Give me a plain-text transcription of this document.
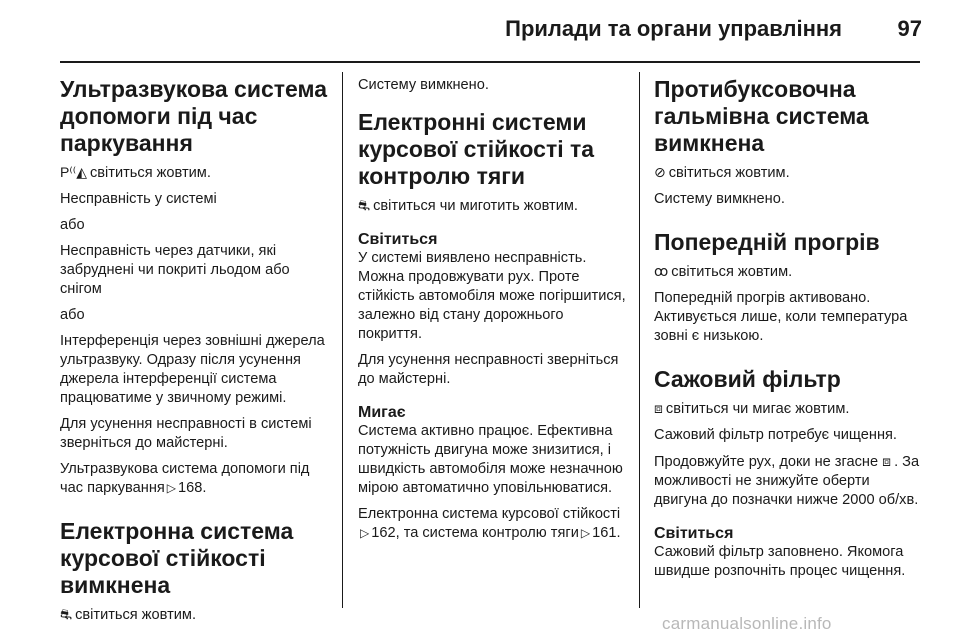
Прилади та органи управління	97
Ультразвукова система допомоги під час паркування

P⁽⁽◭ світиться жовтим.

Несправність у системі

або

Несправність через датчики, які забруднені чи покриті льодом або снігом

або

Інтерференція через зовнішні джерела ультразвуку. Одразу після усунення джерела інтерференції система працюватиме у звичному режимі.

Для усунення несправності в системі зверніться до майстерні.

Ультразвукова система допомоги під час паркування ▷ 168.

Електронна система курсової стійкості вимкнена

⛐ світиться жовтим.

Систему вимкнено.

Електронні системи курсової стійкості та контролю тяги

⛐ світиться чи миготить жовтим.

Світиться

У системі виявлено несправність. Можна продовжувати рух. Проте стійкість автомобіля може погіршитися, залежно від стану дорожнього покриття.

Для усунення несправності зверніться до майстерні.

Мигає

Система активно працює. Ефективна потужність двигуна може знизитися, і швидкість автомобіля може незначною мірою автоматично уповільнюватися.

Електронна система курсової стійкості▷ 162, та система контролю тяги ▷ 161.

Протибуксовочна гальмівна система вимкнена

⊘ світиться жовтим.

Систему вимкнено.

Попередній прогрів

ꝏ світиться жовтим.

Попередній прогрів активовано. Активується лише, коли температура зовні є низькою.

Сажовий фільтр

⧈ світиться чи мигає жовтим.

Сажовий фільтр потребує чищення.

Продовжуйте рух, доки не згасне ⧈ . За можливості не знижуйте оберти двигуна до позначки нижче 2000 об/хв.

Світиться

Сажовий фільтр заповнено. Якомога швидше розпочніть процес чищення.

carmanualsonline.info
